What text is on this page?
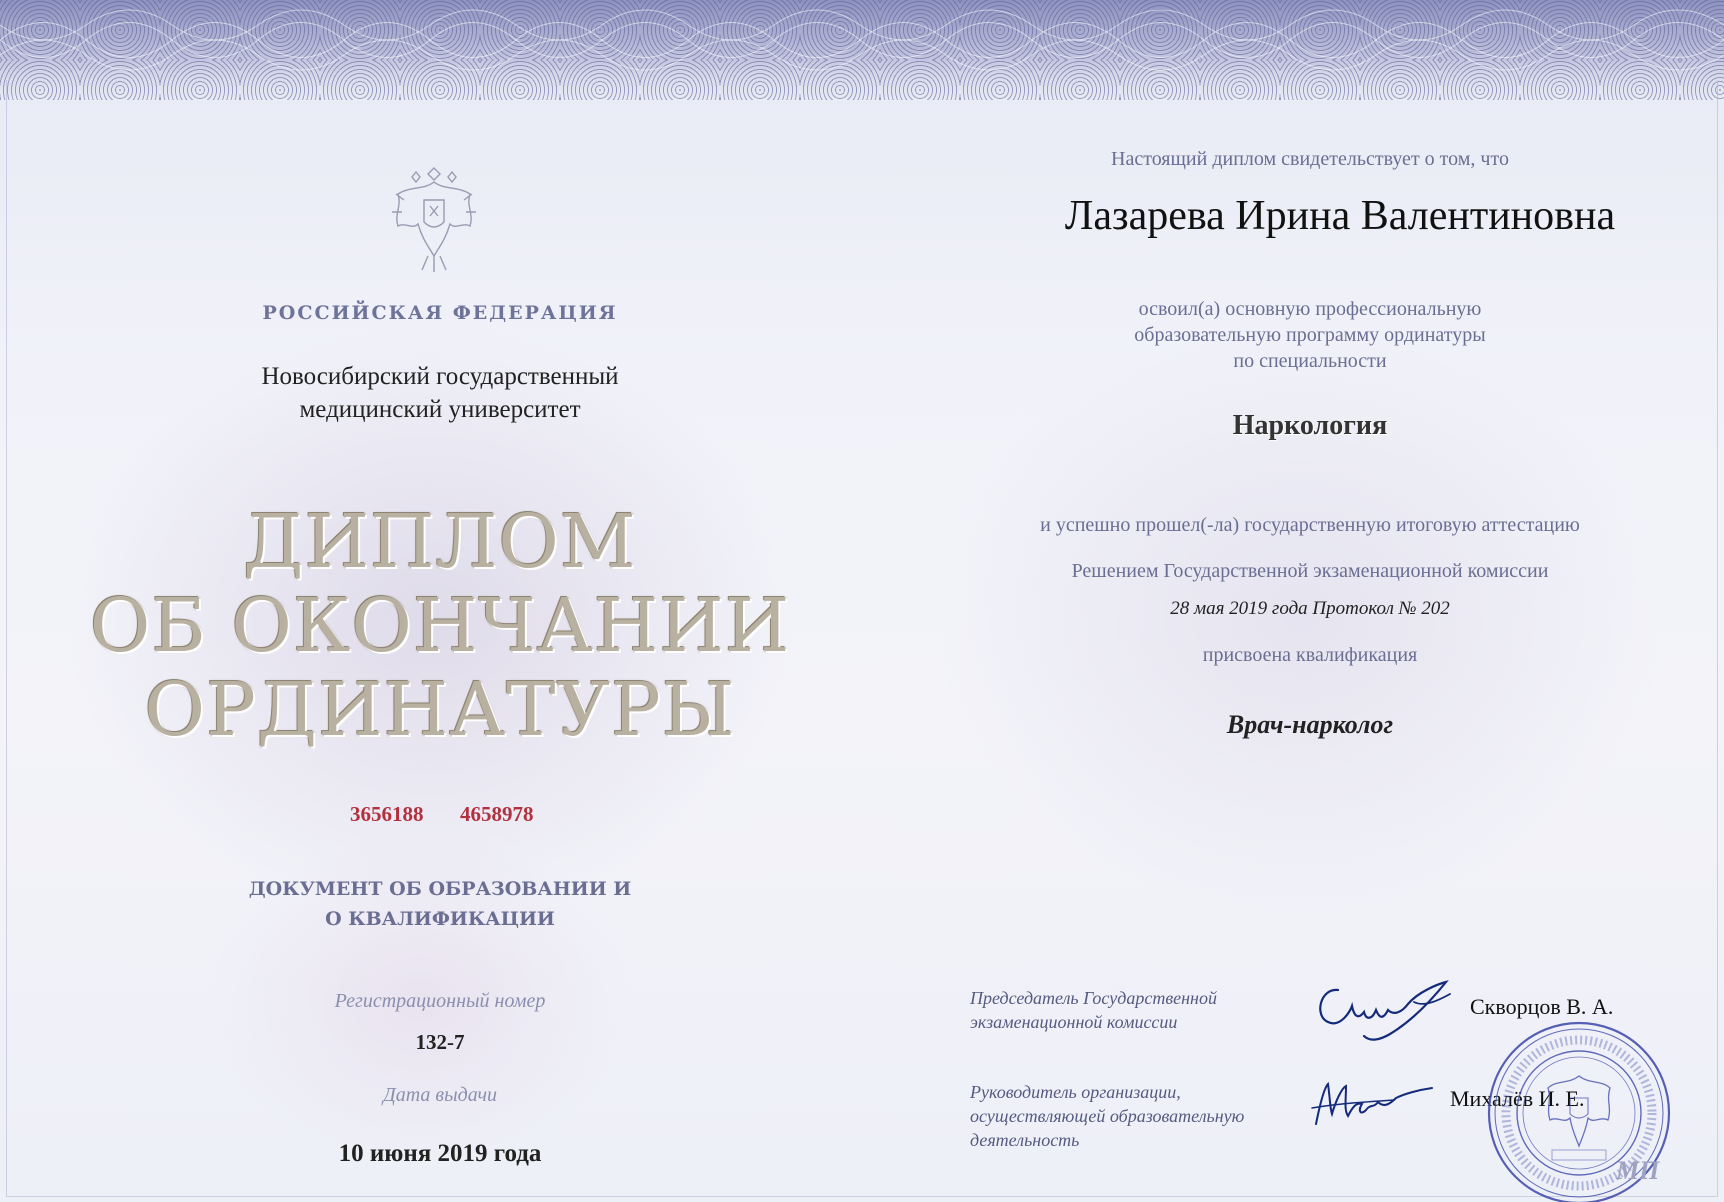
РОССИЙСКАЯ ФЕДЕРАЦИЯ
Новосибирский государственный
медицинский университет
ДИПЛОМ
ОБ ОКОНЧАНИИ
ОРДИНАТУРЫ
3656188 4658978
ДОКУМЕНТ ОБ ОБРАЗОВАНИИ И
О КВАЛИФИКАЦИИ
Регистрационный номер
132-7
Дата выдачи
10 июня 2019 года
Настоящий диплом свидетельствует о том, что
Лазарева Ирина Валентиновна
освоил(а) основную профессиональную
образовательную программу ординатуры
по специальности
Наркология
и успешно прошел(-ла) государственную итоговую аттестацию
Решением Государственной экзаменационной комиссии
28 мая 2019 года Протокол № 202
присвоена квалификация
Врач-нарколог
Председатель Государственной
экзаменационной комиссии
Скворцов В. А.
Руководитель организации,
осуществляющей образовательную
деятельность
Михалёв И. Е.
МП
